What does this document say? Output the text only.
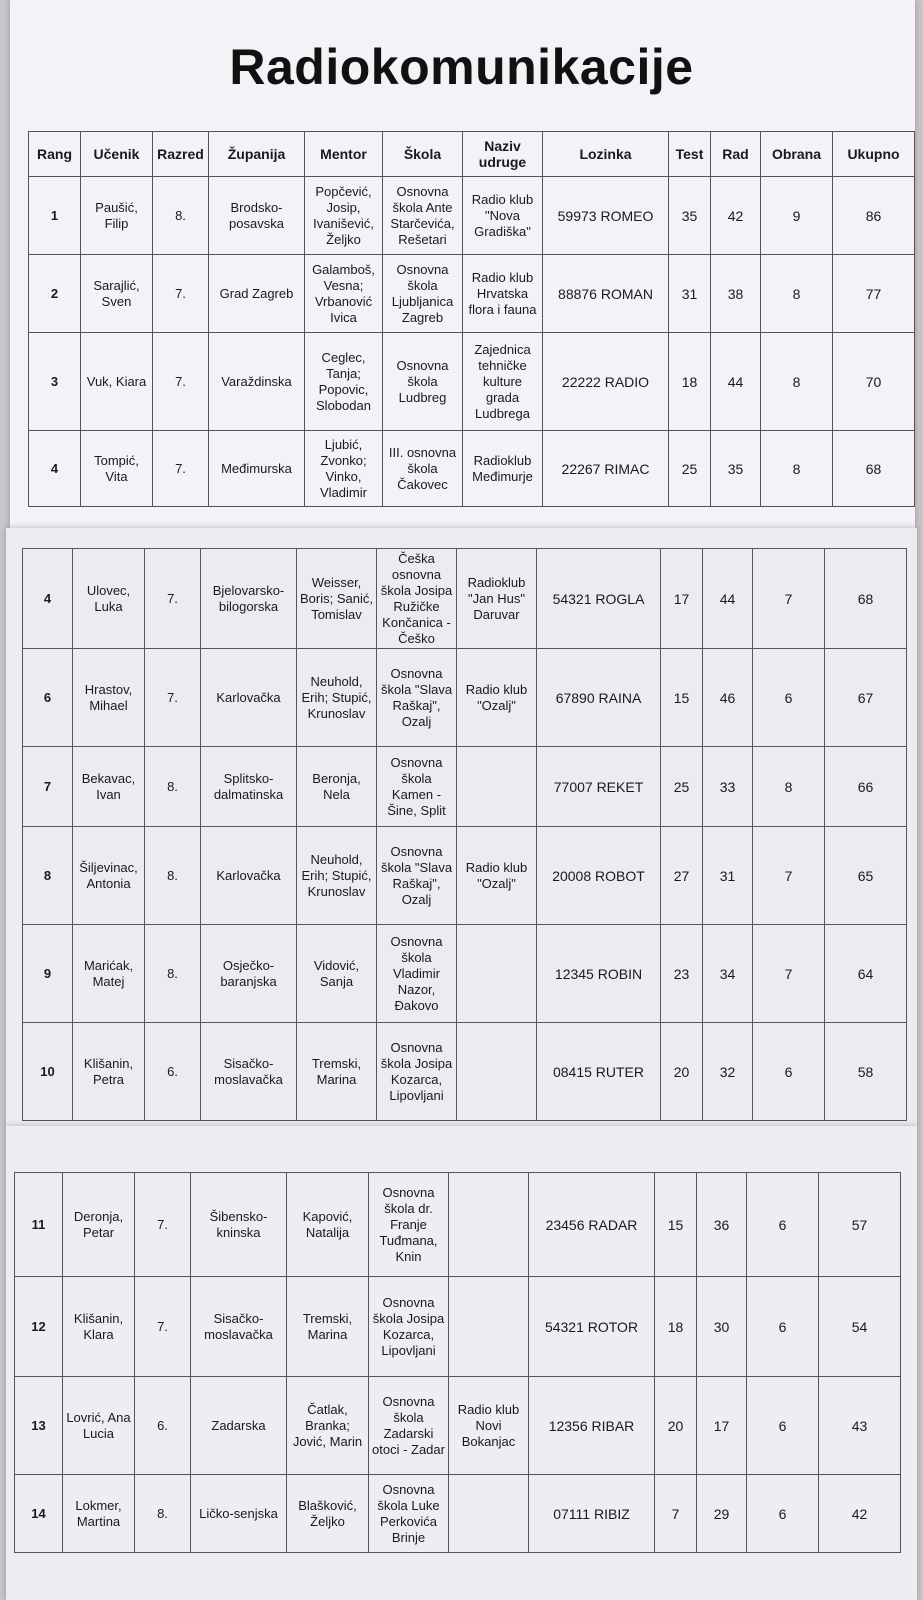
Radiokomunikacije
Rang	Učenik	Razred	Županija	Mentor	Škola	Naziv udruge	Lozinka	Test	Rad	Obrana	Ukupno
1	Paušić, Filip	8.	Brodsko-posavska	Popčević, Josip, Ivanišević, Željko	Osnovna škola Ante Starčevića, Rešetari	Radio klub "Nova Gradiška"	59973 ROMEO	35	42	9	86
2	Sarajlić, Sven	7.	Grad Zagreb	Galamboš, Vesna; Vrbanović Ivica	Osnovna škola Ljubljanica Zagreb	Radio klub Hrvatska flora i fauna	88876 ROMAN	31	38	8	77
3	Vuk, Kiara	7.	Varaždinska	Ceglec, Tanja; Popovic, Slobodan	Osnovna škola Ludbreg	Zajednica tehničke kulture grada Ludbrega	22222 RADIO	18	44	8	70
4	Tompić, Vita	7.	Međimurska	Ljubić, Zvonko; Vinko, Vladimir	III. osnovna škola Čakovec	Radioklub Međimurje	22267 RIMAC	25	35	8	68
4	Ulovec, Luka	7.	Bjelovarsko-bilogorska	Weisser, Boris; Sanić, Tomislav	Češka osnovna škola Josipa Ružičke Končanica - Češko	Radioklub "Jan Hus" Daruvar	54321 ROGLA	17	44	7	68
6	Hrastov, Mihael	7.	Karlovačka	Neuhold, Erih; Stupić, Krunoslav	Osnovna škola "Slava Raškaj", Ozalj	Radio klub "Ozalj"	67890 RAINA	15	46	6	67
7	Bekavac, Ivan	8.	Splitsko-dalmatinska	Beronja, Nela	Osnovna škola Kamen - Šine, Split		77007 REKET	25	33	8	66
8	Šiljevinac, Antonia	8.	Karlovačka	Neuhold, Erih; Stupić, Krunoslav	Osnovna škola "Slava Raškaj", Ozalj	Radio klub "Ozalj"	20008 ROBOT	27	31	7	65
9	Marićak, Matej	8.	Osječko-baranjska	Vidović, Sanja	Osnovna škola Vladimir Nazor, Đakovo		12345 ROBIN	23	34	7	64
10	Klišanin, Petra	6.	Sisačko-moslavačka	Tremski, Marina	Osnovna škola Josipa Kozarca, Lipovljani		08415 RUTER	20	32	6	58
11	Deronja, Petar	7.	Šibensko-kninska	Kapović, Natalija	Osnovna škola dr. Franje Tuđmana, Knin		23456 RADAR	15	36	6	57
12	Klišanin, Klara	7.	Sisačko-moslavačka	Tremski, Marina	Osnovna škola Josipa Kozarca, Lipovljani		54321 ROTOR	18	30	6	54
13	Lovrić, Ana Lucia	6.	Zadarska	Čatlak, Branka; Jović, Marin	Osnovna škola Zadarski otoci - Zadar	Radio klub Novi Bokanjac	12356 RIBAR	20	17	6	43
14	Lokmer, Martina	8.	Ličko-senjska	Blašković, Željko	Osnovna škola Luke Perkovića Brinje		07111 RIBIZ	7	29	6	42
